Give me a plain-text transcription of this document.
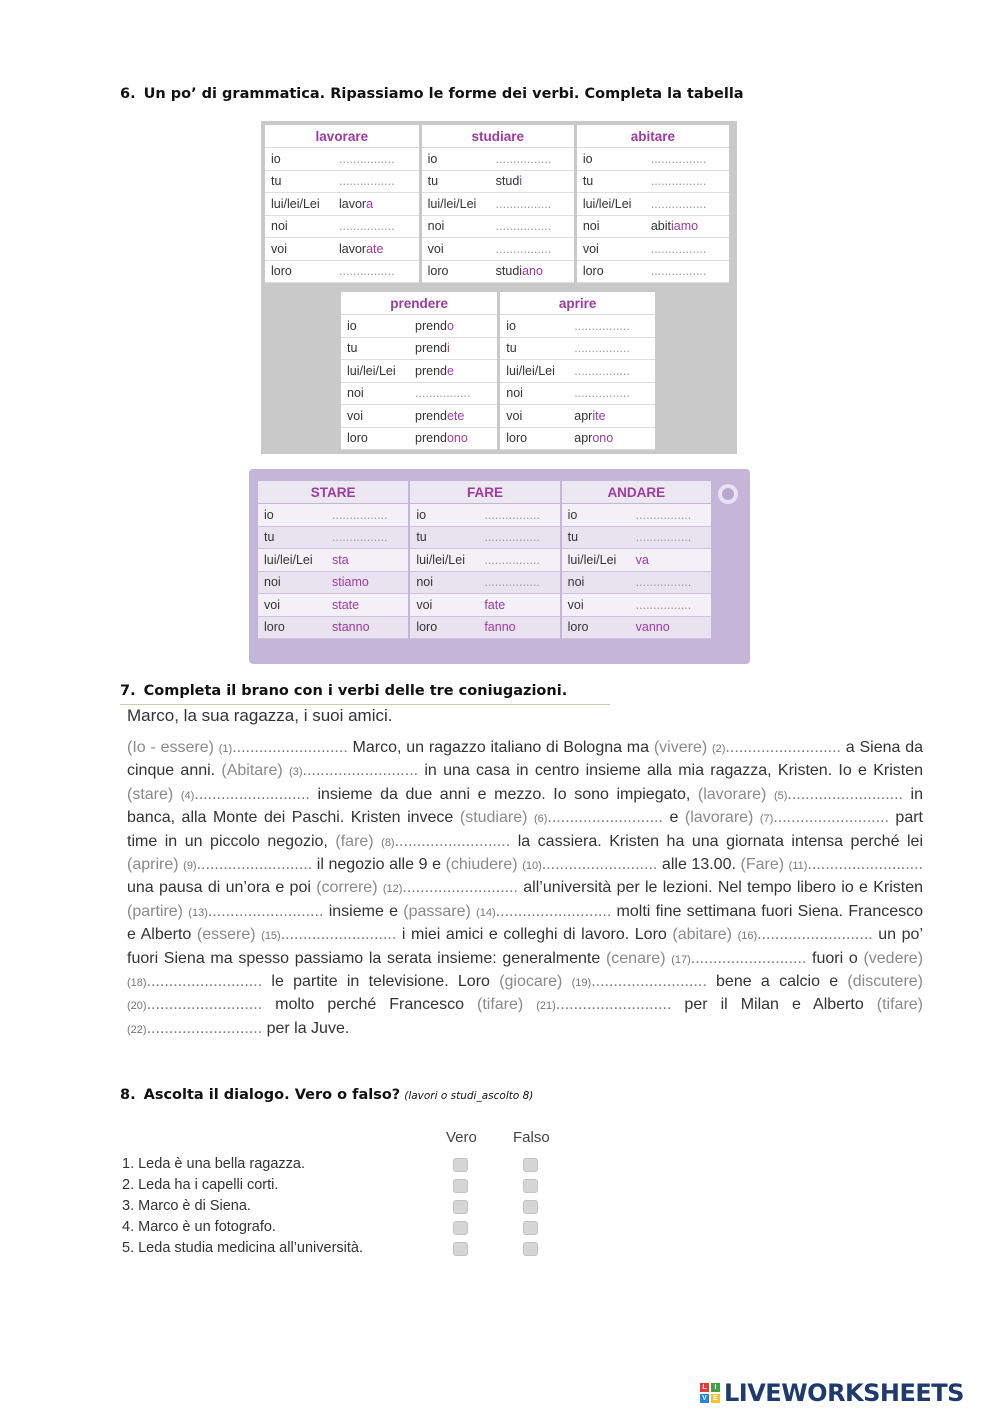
6. Un po’ di grammatica. Ripassiamo le forme dei verbi. Completa la tabella
lavorare	studiare	abitare
io ................	io ................	io ................
tu ................	tu studi	tu ................
lui/lei/Lei lavora	lui/lei/Lei ................	lui/lei/Lei ................
noi ................	noi ................	noi abitiamo
voi lavorate	voi ................	voi ................
loro ................	loro studiano	loro ................
prendere	aprire
io prendo	io ................
tu prendi	tu ................
lui/lei/Lei prende	lui/lei/Lei ................
noi ................	noi ................
voi prendete	voi aprite
loro prendono	loro aprono
STARE	FARE	ANDARE
io ................	io ................	io ................
tu ................	tu ................	tu ................
lui/lei/Lei sta	lui/lei/Lei ................	lui/lei/Lei va
noi stiamo	noi ................	noi ................
voi state	voi fate	voi ................
loro stanno	loro fanno	loro vanno
7. Completa il brano con i verbi delle tre coniugazioni.
Marco, la sua ragazza, i suoi amici.
(Io - essere) (1).......................... Marco, un ragazzo italiano di Bologna ma (vivere) (2).......................... a Siena da cinque anni. (Abitare) (3).......................... in una casa in centro insieme alla mia ragazza, Kristen. Io e Kristen (stare) (4).......................... insieme da due anni e mezzo. Io sono impiegato, (lavorare) (5).......................... in banca, alla Monte dei Paschi. Kristen invece (studiare) (6).......................... e (lavorare) (7).......................... part time in un piccolo negozio, (fare) (8).......................... la cassiera. Kristen ha una giornata intensa perché lei (aprire) (9).......................... il negozio alle 9 e (chiudere) (10).......................... alle 13.00. (Fare) (11).......................... una pausa di un’ora e poi (correre) (12).......................... all’università per le lezioni. Nel tempo libero io e Kristen (partire) (13).......................... insieme e (passare) (14).......................... molti fine settimana fuori Siena. Francesco e Alberto (essere) (15).......................... i miei amici e colleghi di lavoro. Loro (abitare) (16).......................... un po’ fuori Siena ma spesso passiamo la serata insieme: generalmente (cenare) (17).......................... fuori o (vedere) (18).......................... le partite in televisione. Loro (giocare) (19).......................... bene a calcio e (discutere) (20).......................... molto perché Francesco (tifare) (21).......................... per il Milan e Alberto (tifare) (22).......................... per la Juve.
8. Ascolta il dialogo. Vero o falso? (lavori o studi_ascolto 8)
Vero Falso
1. Leda è una bella ragazza.
2. Leda ha i capelli corti.
3. Marco è di Siena.
4. Marco è un fotografo.
5. Leda studia medicina all’università.
L	I
V E LIVEWORKSHEETS
